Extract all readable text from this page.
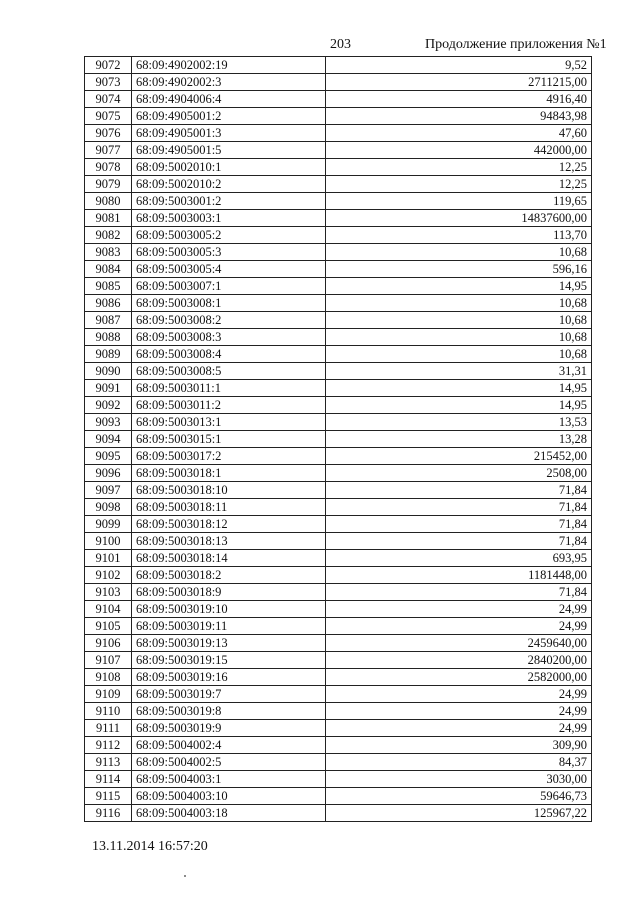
203	Продолжение приложения №1
9072	68:09:4902002:19	9,52
9073	68:09:4902002:3	2711215,00
9074	68:09:4904006:4	4916,40
9075	68:09:4905001:2	94843,98
9076	68:09:4905001:3	47,60
9077	68:09:4905001:5	442000,00
9078	68:09:5002010:1	12,25
9079	68:09:5002010:2	12,25
9080	68:09:5003001:2	119,65
9081	68:09:5003003:1	14837600,00
9082	68:09:5003005:2	113,70
9083	68:09:5003005:3	10,68
9084	68:09:5003005:4	596,16
9085	68:09:5003007:1	14,95
9086	68:09:5003008:1	10,68
9087	68:09:5003008:2	10,68
9088	68:09:5003008:3	10,68
9089	68:09:5003008:4	10,68
9090	68:09:5003008:5	31,31
9091	68:09:5003011:1	14,95
9092	68:09:5003011:2	14,95
9093	68:09:5003013:1	13,53
9094	68:09:5003015:1	13,28
9095	68:09:5003017:2	215452,00
9096	68:09:5003018:1	2508,00
9097	68:09:5003018:10	71,84
9098	68:09:5003018:11	71,84
9099	68:09:5003018:12	71,84
9100	68:09:5003018:13	71,84
9101	68:09:5003018:14	693,95
9102	68:09:5003018:2	1181448,00
9103	68:09:5003018:9	71,84
9104	68:09:5003019:10	24,99
9105	68:09:5003019:11	24,99
9106	68:09:5003019:13	2459640,00
9107	68:09:5003019:15	2840200,00
9108	68:09:5003019:16	2582000,00
9109	68:09:5003019:7	24,99
9110	68:09:5003019:8	24,99
9111	68:09:5003019:9	24,99
9112	68:09:5004002:4	309,90
9113	68:09:5004002:5	84,37
9114	68:09:5004003:1	3030,00
9115	68:09:5004003:10	59646,73
9116	68:09:5004003:18	125967,22
13.11.2014 16:57:20
